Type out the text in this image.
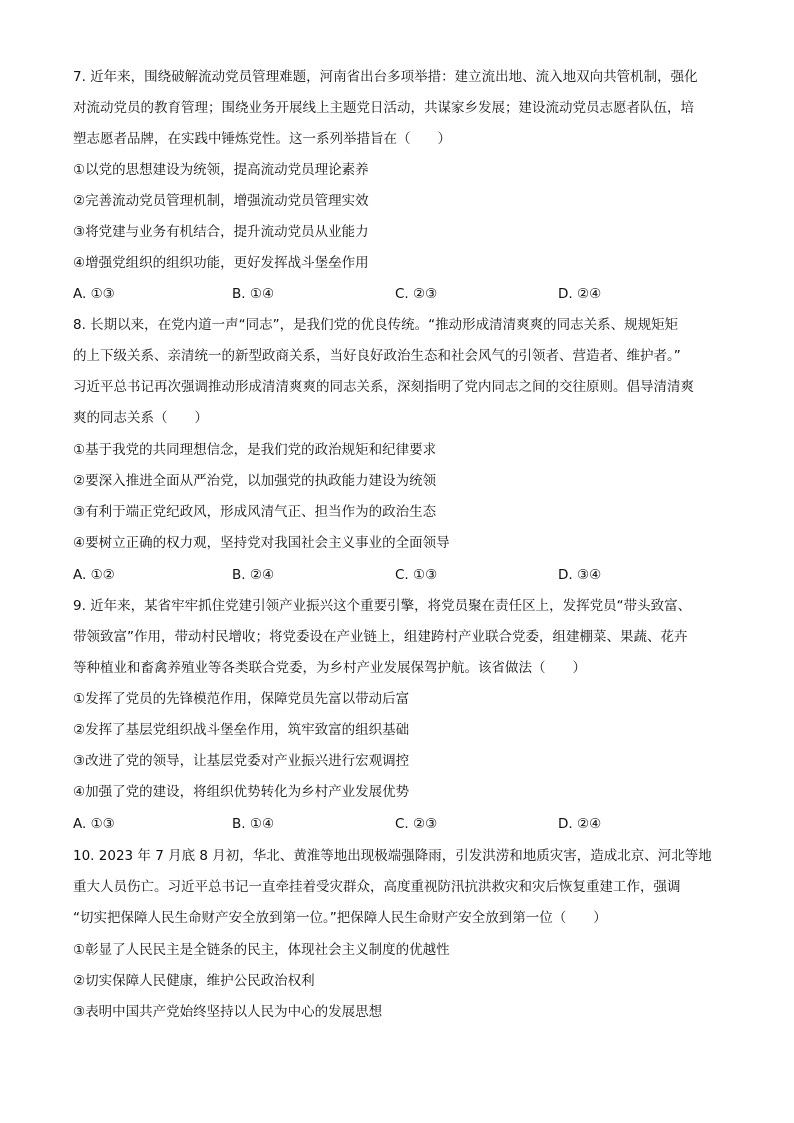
7. 近年来，围绕破解流动党员管理难题，河南省出台多项举措：建立流出地、流入地双向共管机制，强化
对流动党员的教育管理；围绕业务开展线上主题党日活动，共谋家乡发展；建设流动党员志愿者队伍，培
塑志愿者品牌，在实践中锤炼党性。这一系列举措旨在（　　）
①以党的思想建设为统领，提高流动党员理论素养
②完善流动党员管理机制，增强流动党员管理实效
③将党建与业务有机结合，提升流动党员从业能力
④增强党组织的组织功能，更好发挥战斗堡垒作用
A. ①③	B. ①④	C. ②③	D. ②④
8. 长期以来，在党内道一声“同志”，是我们党的优良传统。“推动形成清清爽爽的同志关系、规规矩矩
的上下级关系、亲清统一的新型政商关系，当好良好政治生态和社会风气的引领者、营造者、维护者。”
习近平总书记再次强调推动形成清清爽爽的同志关系，深刻指明了党内同志之间的交往原则。倡导清清爽
爽的同志关系（　　）
①基于我党的共同理想信念，是我们党的政治规矩和纪律要求
②要深入推进全面从严治党，以加强党的执政能力建设为统领
③有利于端正党纪政风，形成风清气正、担当作为的政治生态
④要树立正确的权力观，坚持党对我国社会主义事业的全面领导
A. ①②	B. ②④	C. ①③	D. ③④
9. 近年来，某省牢牢抓住党建引领产业振兴这个重要引擎，将党员聚在责任区上，发挥党员“带头致富、
带领致富”作用，带动村民增收；将党委设在产业链上，组建跨村产业联合党委，组建棚菜、果蔬、花卉
等种植业和畜禽养殖业等各类联合党委，为乡村产业发展保驾护航。该省做法（　　）
①发挥了党员的先锋模范作用，保障党员先富以带动后富
②发挥了基层党组织战斗堡垒作用，筑牢致富的组织基础
③改进了党的领导，让基层党委对产业振兴进行宏观调控
④加强了党的建设，将组织优势转化为乡村产业发展优势
A. ①③	B. ①④	C. ②③	D. ②④
10. 2023 年 7 月底 8 月初，华北、黄淮等地出现极端强降雨，引发洪涝和地质灾害，造成北京、河北等地
重大人员伤亡。习近平总书记一直牵挂着受灾群众，高度重视防汛抗洪救灾和灾后恢复重建工作，强调
“切实把保障人民生命财产安全放到第一位。”把保障人民生命财产安全放到第一位（　　）
①彰显了人民民主是全链条的民主，体现社会主义制度的优越性
②切实保障人民健康，维护公民政治权利
③表明中国共产党始终坚持以人民为中心的发展思想
